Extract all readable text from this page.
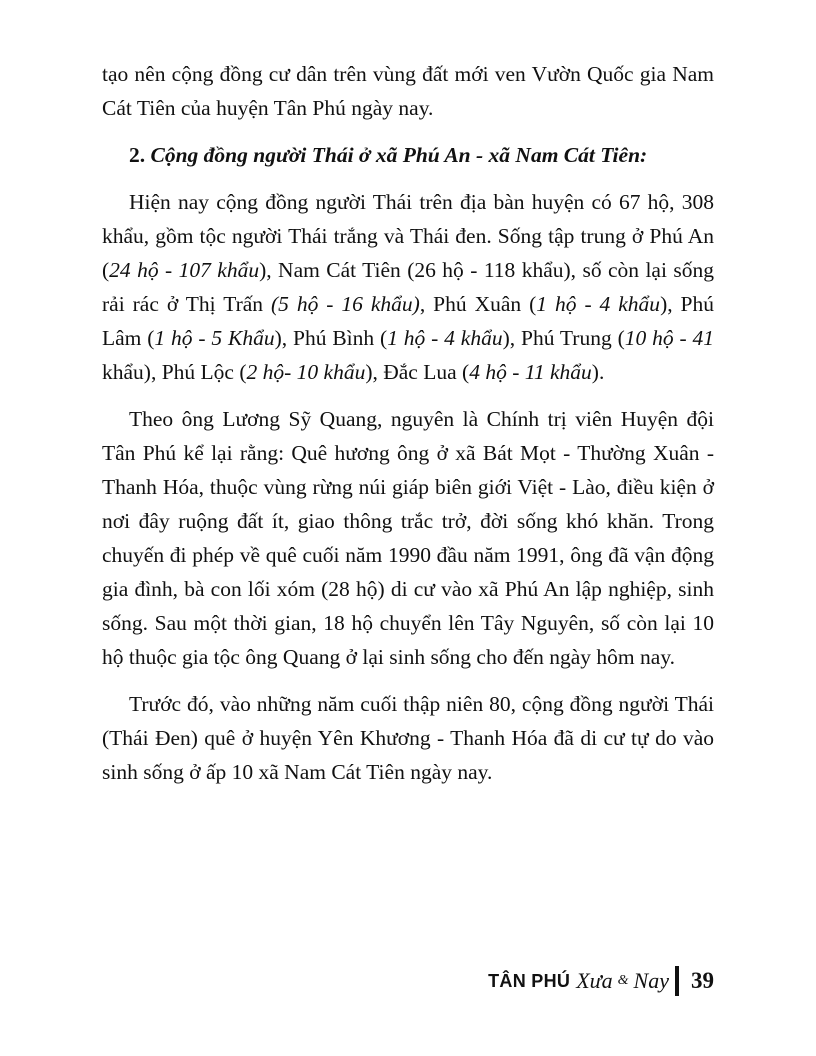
tạo nên cộng đồng cư dân trên vùng đất mới ven Vườn Quốc gia Nam Cát Tiên của huyện Tân Phú ngày nay.

2. Cộng đồng người Thái ở xã Phú An - xã Nam Cát Tiên:

Hiện nay cộng đồng người Thái trên địa bàn huyện có 67 hộ, 308 khẩu, gồm tộc người Thái trắng và Thái đen. Sống tập trung ở Phú An (24 hộ - 107 khẩu), Nam Cát Tiên (26 hộ - 118 khẩu), số còn lại sống rải rác ở Thị Trấn (5 hộ - 16 khẩu), Phú Xuân (1 hộ - 4 khẩu), Phú Lâm (1 hộ - 5 Khẩu), Phú Bình (1 hộ - 4 khẩu), Phú Trung (10 hộ - 41 khẩu), Phú Lộc (2 hộ- 10 khẩu), Đắc Lua (4 hộ - 11 khẩu).

Theo ông Lương Sỹ Quang, nguyên là Chính trị viên Huyện đội Tân Phú kể lại rằng: Quê hương ông ở xã Bát Mọt - Thường Xuân - Thanh Hóa, thuộc vùng rừng núi giáp biên giới Việt - Lào, điều kiện ở nơi đây ruộng đất ít, giao thông trắc trở, đời sống khó khăn. Trong chuyến đi phép về quê cuối năm 1990 đầu năm 1991, ông đã vận động gia đình, bà con lối xóm (28 hộ) di cư vào xã Phú An lập nghiệp, sinh sống. Sau một thời gian, 18 hộ chuyển lên Tây Nguyên, số còn lại 10 hộ thuộc gia tộc ông Quang ở lại sinh sống cho đến ngày hôm nay.

Trước đó, vào những năm cuối thập niên 80, cộng đồng người Thái (Thái Đen) quê ở huyện Yên Khương - Thanh Hóa đã di cư tự do vào sinh sống ở ấp 10 xã Nam Cát Tiên ngày nay.

TÂN PHÚ Xưa & Nay 39
